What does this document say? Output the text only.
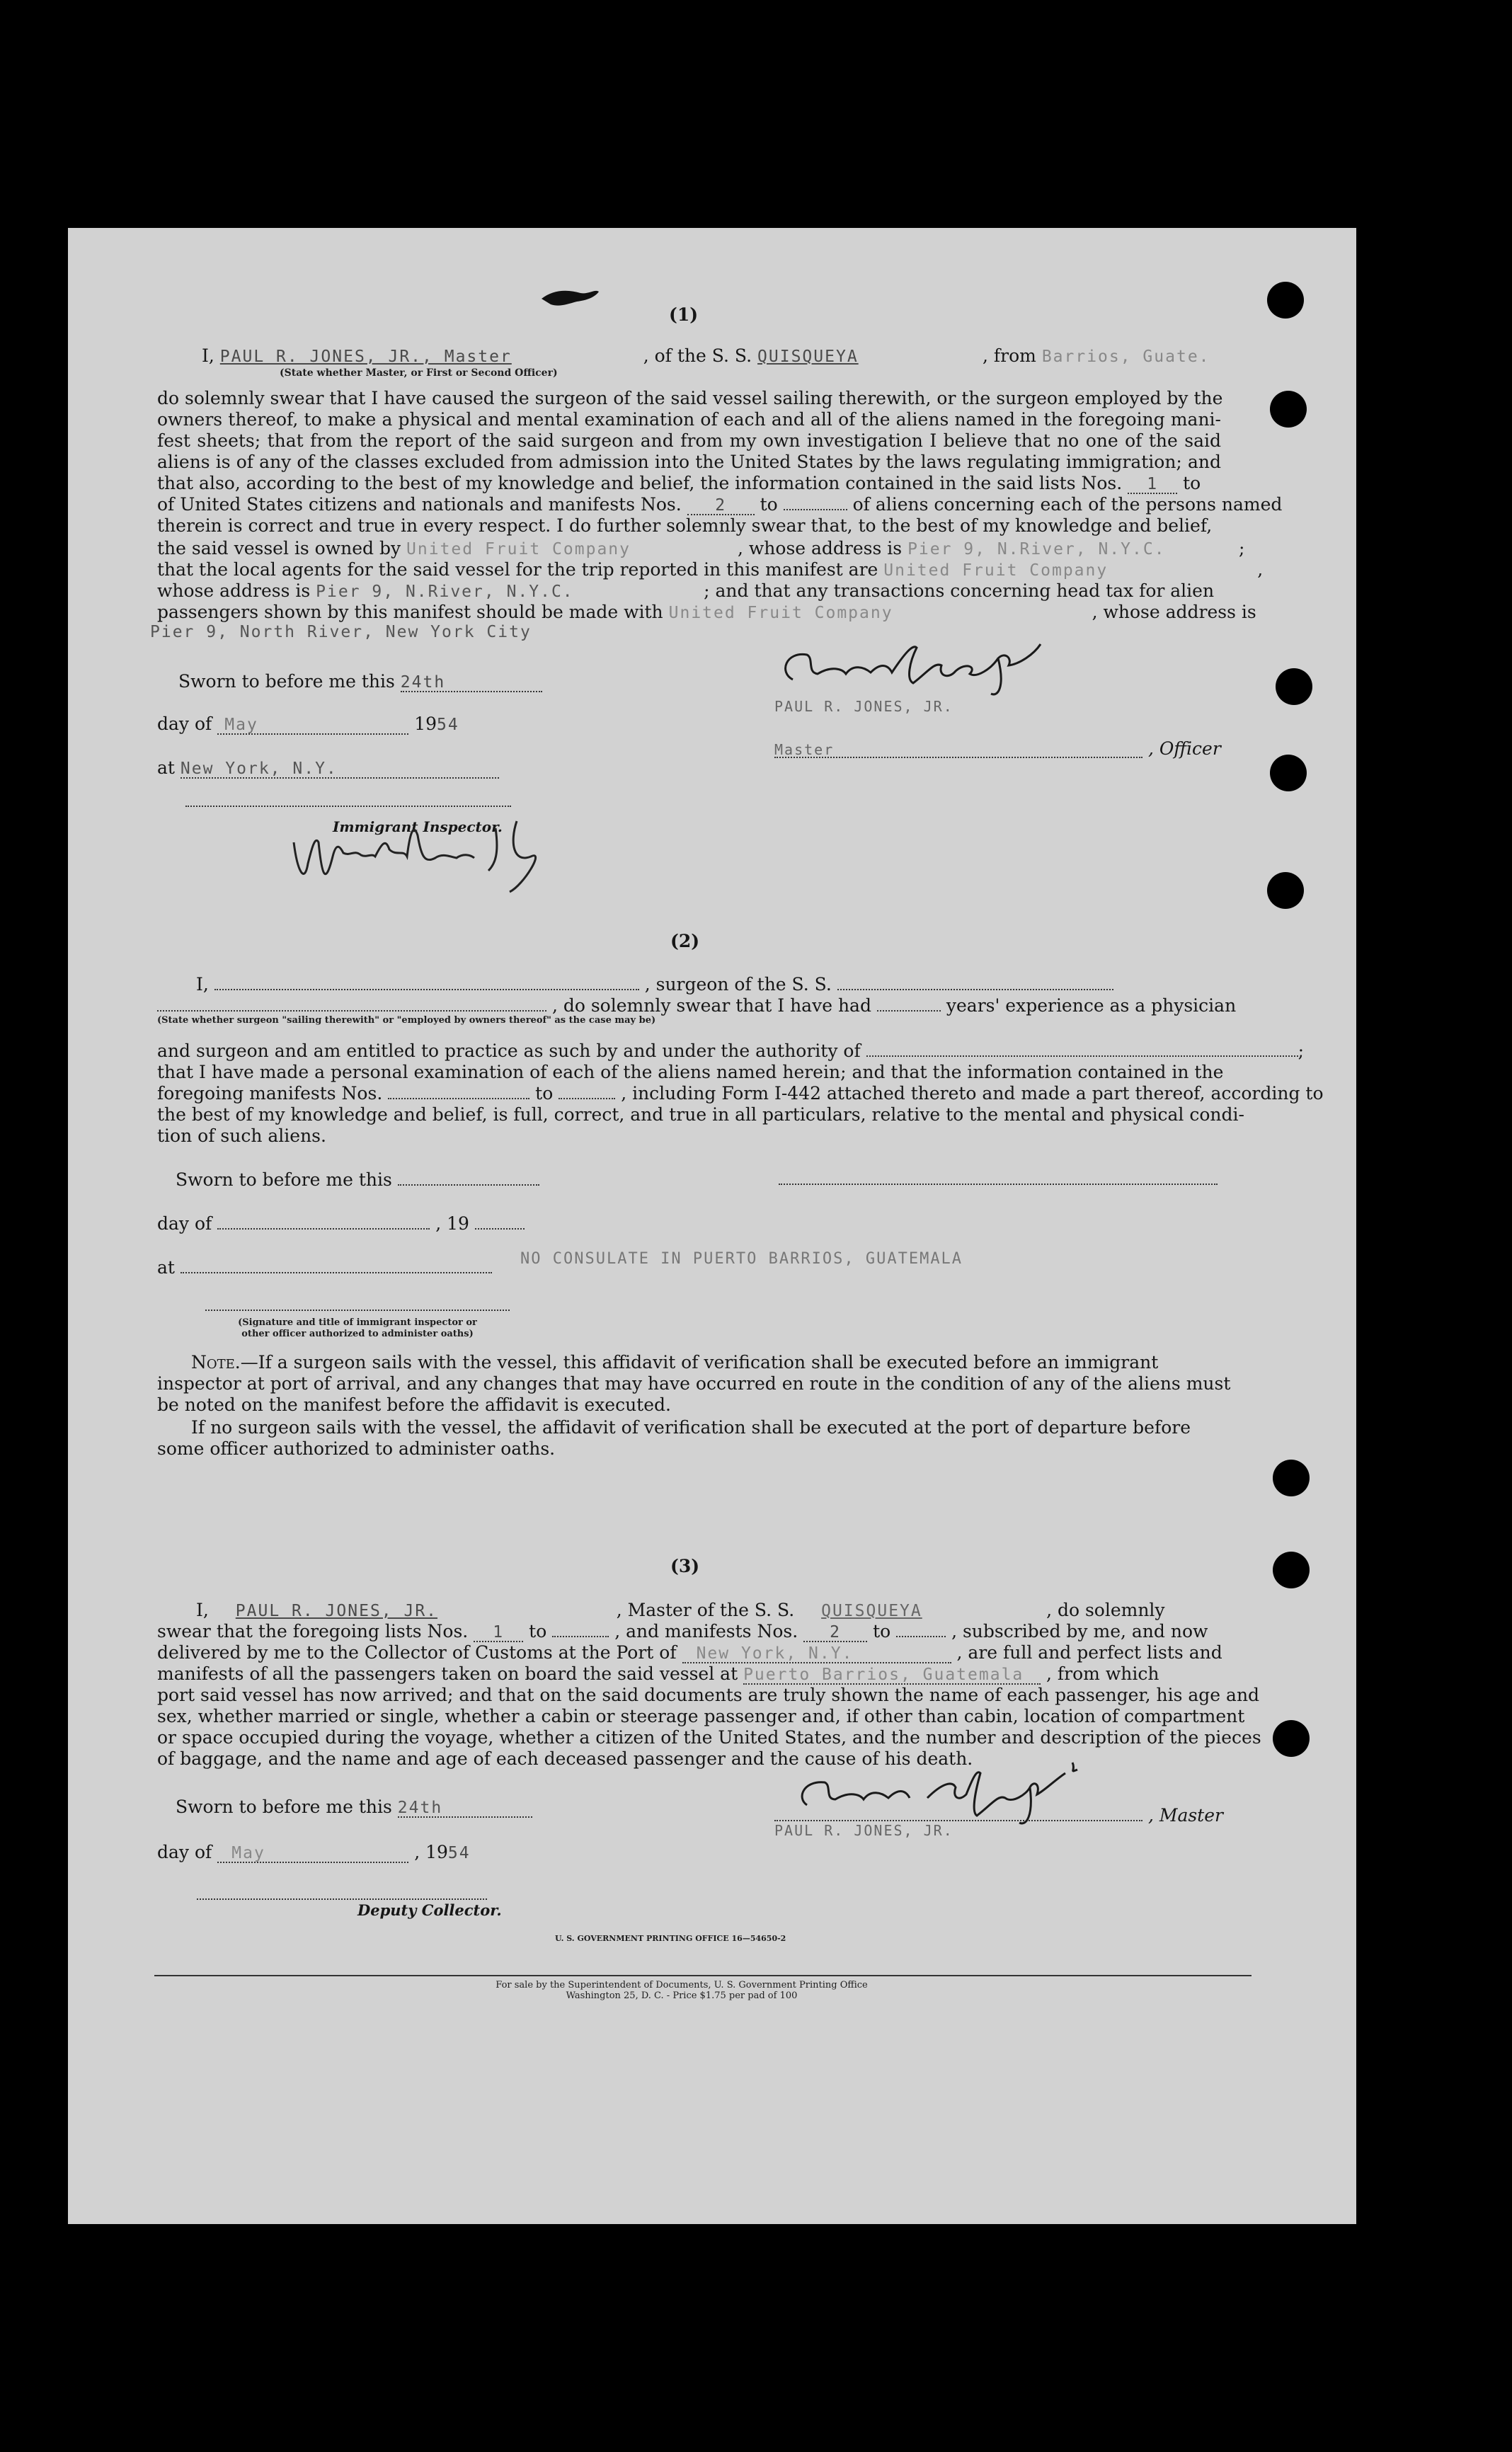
(1)
I, PAUL R. JONES, JR., Master	, of the S. S. QUISQUEYA	, from Barrios, Guate.
(State whether Master, or First or Second Officer)
do solemnly swear that I have caused the surgeon of the said vessel sailing therewith, or the surgeon employed by the
owners thereof, to make a physical and mental examination of each and all of the aliens named in the foregoing mani-
fest sheets; that from the report of the said surgeon and from my own investigation I believe that no one of the said
aliens is of any of the classes excluded from admission into the United States by the laws regulating immigration; and
that also, according to the best of my knowledge and belief, the information contained in the said lists Nos. 1 to
of United States citizens and nationals and manifests Nos. 2 to	of aliens concerning each of the persons named
therein is correct and true in every respect. I do further solemnly swear that, to the best of my knowledge and belief,
the said vessel is owned by United Fruit Company	, whose address is Pier 9, N.River, N.Y.C.	;
that the local agents for the said vessel for the trip reported in this manifest are United Fruit Company	,
whose address is Pier 9, N.River, N.Y.C.	; and that any transactions concerning head tax for alien
passengers shown by this manifest should be made with United Fruit Company	, whose address is
Pier 9, North River, New York City
Sworn to before me this 24th
day of May	1954
at New York, N.Y.
PAUL R. JONES, JR.
Master	, Officer
Immigrant Inspector.
(2)
I,	, surgeon of the S. S.
, do solemnly swear that I have had	years' experience as a physician
(State whether surgeon "sailing therewith" or "employed by owners thereof" as the case may be)
and surgeon and am entitled to practice as such by and under the authority of	;
that I have made a personal examination of each of the aliens named herein; and that the information contained in the
foregoing manifests Nos.	to	, including Form I-442 attached thereto and made a part thereof, according to
the best of my knowledge and belief, is full, correct, and true in all particulars, relative to the mental and physical condi-
tion of such aliens.
Sworn to before me this
day of	, 19
NO CONSULATE IN PUERTO BARRIOS, GUATEMALA
at
(Signature and title of immigrant inspector or
other officer authorized to administer oaths)
Note.—If a surgeon sails with the vessel, this affidavit of verification shall be executed before an immigrant
inspector at port of arrival, and any changes that may have occurred en route in the condition of any of the aliens must
be noted on the manifest before the affidavit is executed.
If no surgeon sails with the vessel, the affidavit of verification shall be executed at the port of departure before
some officer authorized to administer oaths.
(3)
I, PAUL R. JONES, JR.	, Master of the S. S. QUISQUEYA	, do solemnly
swear that the foregoing lists Nos. 1 to	, and manifests Nos. 2 to	, subscribed by me, and now
delivered by me to the Collector of Customs at the Port of New York, N.Y.	, are full and perfect lists and
manifests of all the passengers taken on board the said vessel at Puerto Barrios, Guatemala , from which
port said vessel has now arrived; and that on the said documents are truly shown the name of each passenger, his age and
sex, whether married or single, whether a cabin or steerage passenger and, if other than cabin, location of compartment
or space occupied during the voyage, whether a citizen of the United States, and the number and description of the pieces
of baggage, and the name and age of each deceased passenger and the cause of his death.
Sworn to before me this 24th	, Master
PAUL R. JONES, JR.
day of May	, 1954
Deputy Collector.
U. S. GOVERNMENT PRINTING OFFICE 16—54650-2
For sale by the Superintendent of Documents, U. S. Government Printing Office
Washington 25, D. C. - Price $1.75 per pad of 100
